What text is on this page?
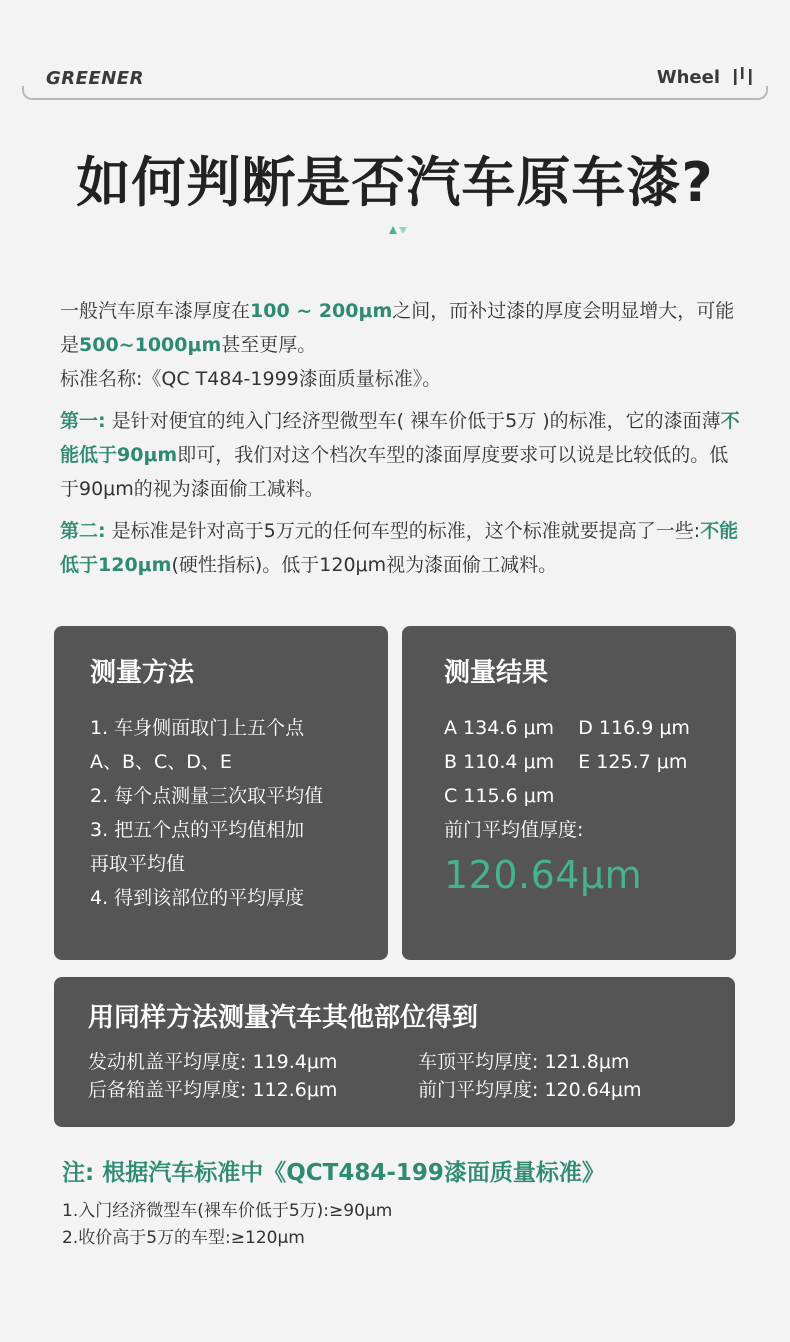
GREENER	Wheel
如何判断是否汽车原车漆?

一般汽车原车漆厚度在100 ~ 200μm之间，而补过漆的厚度会明显增大，可能是500~1000μm甚至更厚。

标准名称:《QC T484-1999漆面质量标准》。

第一: 是针对便宜的纯入门经济型微型车( 裸车价低于5万 )的标准，它的漆面薄不能低于90μm即可，我们对这个档次车型的漆面厚度要求可以说是比较低的。低于90μm的视为漆面偷工减料。

第二: 是标准是针对高于5万元的任何车型的标准，这个标准就要提高了一些:不能低于120μm(硬性指标)。低于120μm视为漆面偷工减料。

测量方法
1. 车身侧面取门上五个点
A、B、C、D、E
2. 每个点测量三次取平均值
3. 把五个点的平均值相加
再取平均值
4. 得到该部位的平均厚度
测量结果
A 134.6 μm    D 116.9 μm
B 110.4 μm    E 125.7 μm
C 115.6 μm
前门平均值厚度:
120.64μm
用同样方法测量汽车其他部位得到
发动机盖平均厚度: 119.4μm	车顶平均厚度: 121.8μm
后备箱盖平均厚度: 112.6μm	前门平均厚度: 120.64μm
注: 根据汽车标准中《QCT484-199漆面质量标准》
1.入门经济微型车(裸车价低于5万):≥90μm
2.收价高于5万的车型:≥120μm
